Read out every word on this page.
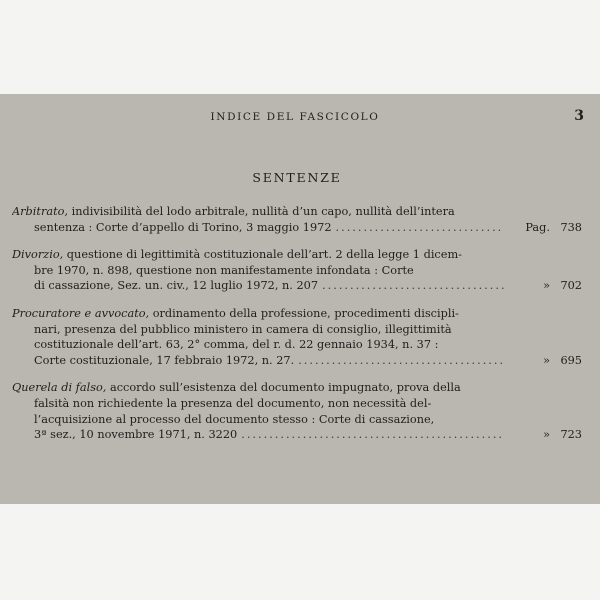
INDICE DEL FASCICOLO	3
SENTENZE
Arbitrato, indivisibilità del lodo arbitrale, nullità d’un capo, nullità dell’intera
sentenza : Corte d’appello di Torino, 3 maggio 1972 .....	Pag. 738
Divorzio, questione di legittimità costituzionale dell’art. 2 della legge 1 dicem-
bre 1970, n. 898, questione non manifestamente infondata : Corte
di cassazione, Sez. un. civ., 12 luglio 1972, n. 207 .....	» 702
Procuratore e avvocato, ordinamento della professione, procedimenti discipli-
nari, presenza del pubblico ministero in camera di consiglio, illegittimità
costituzionale dell’art. 63, 2° comma, del r. d. 22 gennaio 1934, n. 37 :
Corte costituzionale, 17 febbraio 1972, n. 27. .....	» 695
Querela di falso, accordo sull’esistenza del documento impugnato, prova della
falsità non richiedente la presenza del documento, non necessità del-
l’acquisizione al processo del documento stesso : Corte di cassazione,
3ª sez., 10 novembre 1971, n. 3220 .....	» 723
